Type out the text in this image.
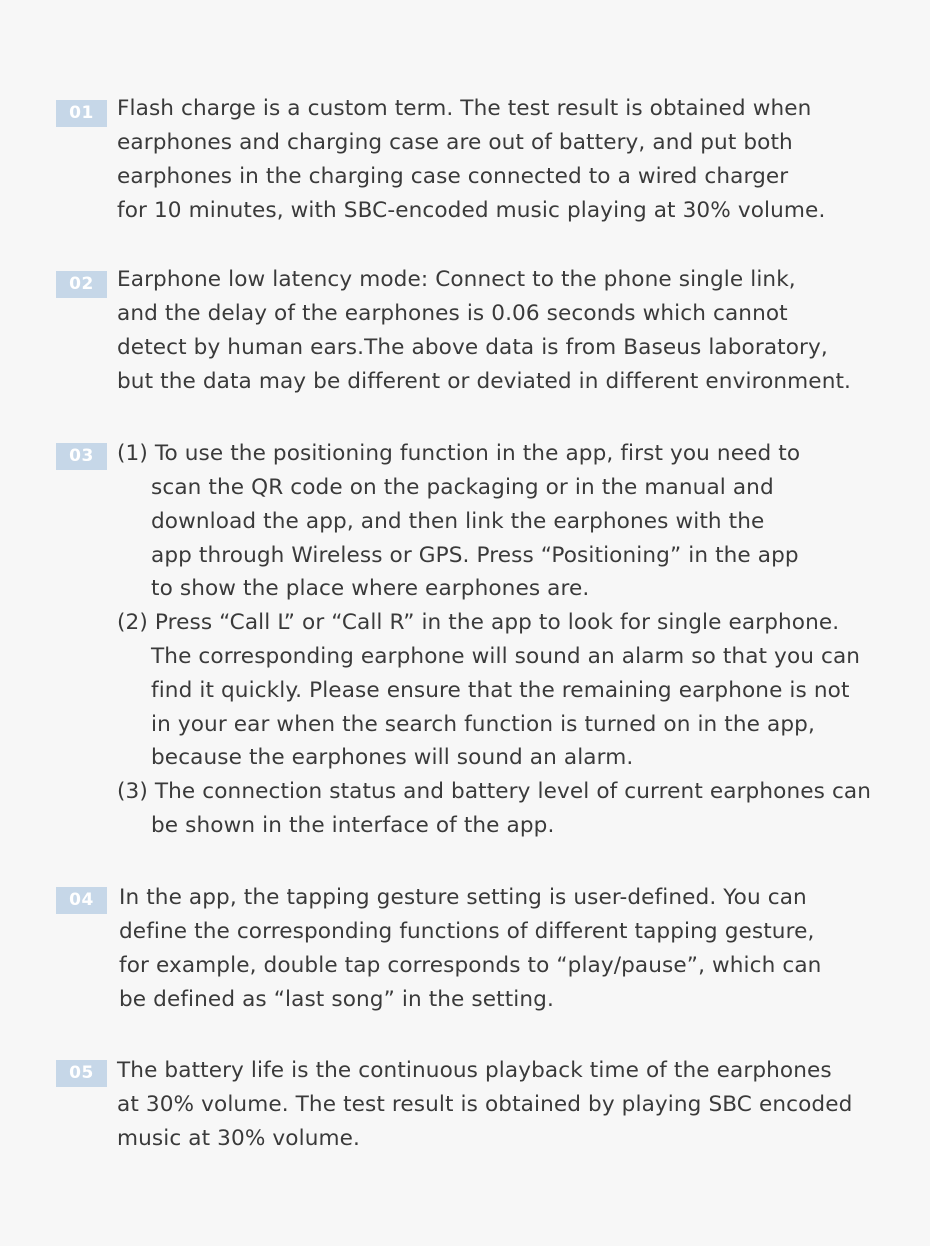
01	Flash charge is a custom term. The test result is obtained when
earphones and charging case are out of battery, and put both
earphones in the charging case connected to a wired charger
for 10 minutes, with SBC-encoded music playing at 30% volume.
02	Earphone low latency mode: Connect to the phone single link,
and the delay of the earphones is 0.06 seconds which cannot
detect by human ears.The above data is from Baseus laboratory,
but the data may be different or deviated in different environment.
03	(1) To use the positioning function in the app, first you need to
scan the QR code on the packaging or in the manual and
download the app, and then link the earphones with the
app through Wireless or GPS. Press “Positioning” in the app
to show the place where earphones are.
(2) Press “Call L” or “Call R” in the app to look for single earphone.
The corresponding earphone will sound an alarm so that you can
find it quickly. Please ensure that the remaining earphone is not
in your ear when the search function is turned on in the app,
because the earphones will sound an alarm.
(3) The connection status and battery level of current earphones can
be shown in the interface of the app.
04	In the app, the tapping gesture setting is user-defined. You can
define the corresponding functions of different tapping gesture,
for example, double tap corresponds to “play/pause”, which can
be defined as “last song” in the setting.
05	The battery life is the continuous playback time of the earphones
at 30% volume. The test result is obtained by playing SBC encoded
music at 30% volume.
